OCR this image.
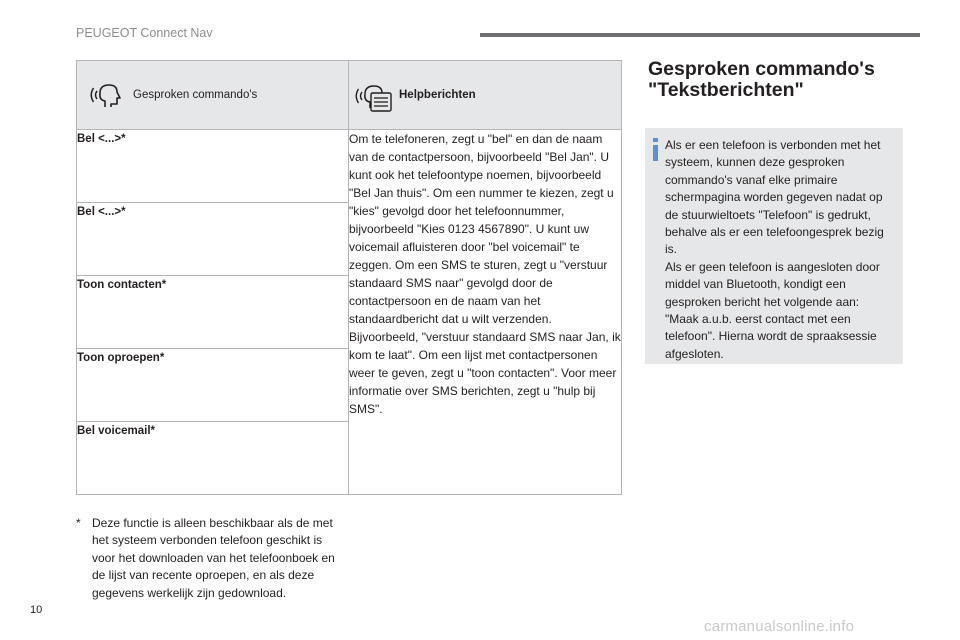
PEUGEOT Connect Nav
Gesproken commando's	Helpberichten

Bel <...>*	Om te telefoneren, zegt u "bel" en dan de naam van de contactpersoon, bijvoorbeeld "Bel Jan". U kunt ook het telefoontype noemen, bijvoorbeeld "Bel Jan thuis". Om een nummer te kiezen, zegt u "kies" gevolgd door het telefoonnummer, bijvoorbeeld "Kies 0123 4567890". U kunt uw voicemail afluisteren door "bel voicemail" te zeggen. Om een SMS te sturen, zegt u "verstuur standaard SMS naar" gevolgd door de contactpersoon en de naam van het standaardbericht dat u wilt verzenden. Bijvoorbeeld, "verstuur standaard SMS naar Jan, ik kom te laat". Om een lijst met contactpersonen weer te geven, zegt u "toon contacten". Voor meer informatie over SMS berichten, zegt u "hulp bij SMS".
Bel <...>*	
Toon contacten*	
Toon oproepen*	
Bel voicemail*	
* Deze functie is alleen beschikbaar als de met het systeem verbonden telefoon geschikt is voor het downloaden van het telefoonboek en de lijst van recente oproepen, en als deze gegevens werkelijk zijn gedownload.
Gesproken commando's "Tekstberichten"

Als er een telefoon is verbonden met het systeem, kunnen deze gesproken commando's vanaf elke primaire schermpagina worden gegeven nadat op de stuurwieltoets "Telefoon" is gedrukt, behalve als er een telefoongesprek bezig is.

Als er geen telefoon is aangesloten door middel van Bluetooth, kondigt een gesproken bericht het volgende aan: "Maak a.u.b. eerst contact met een telefoon". Hierna wordt de spraaksessie afgesloten.

10
carmanualsonline.info
